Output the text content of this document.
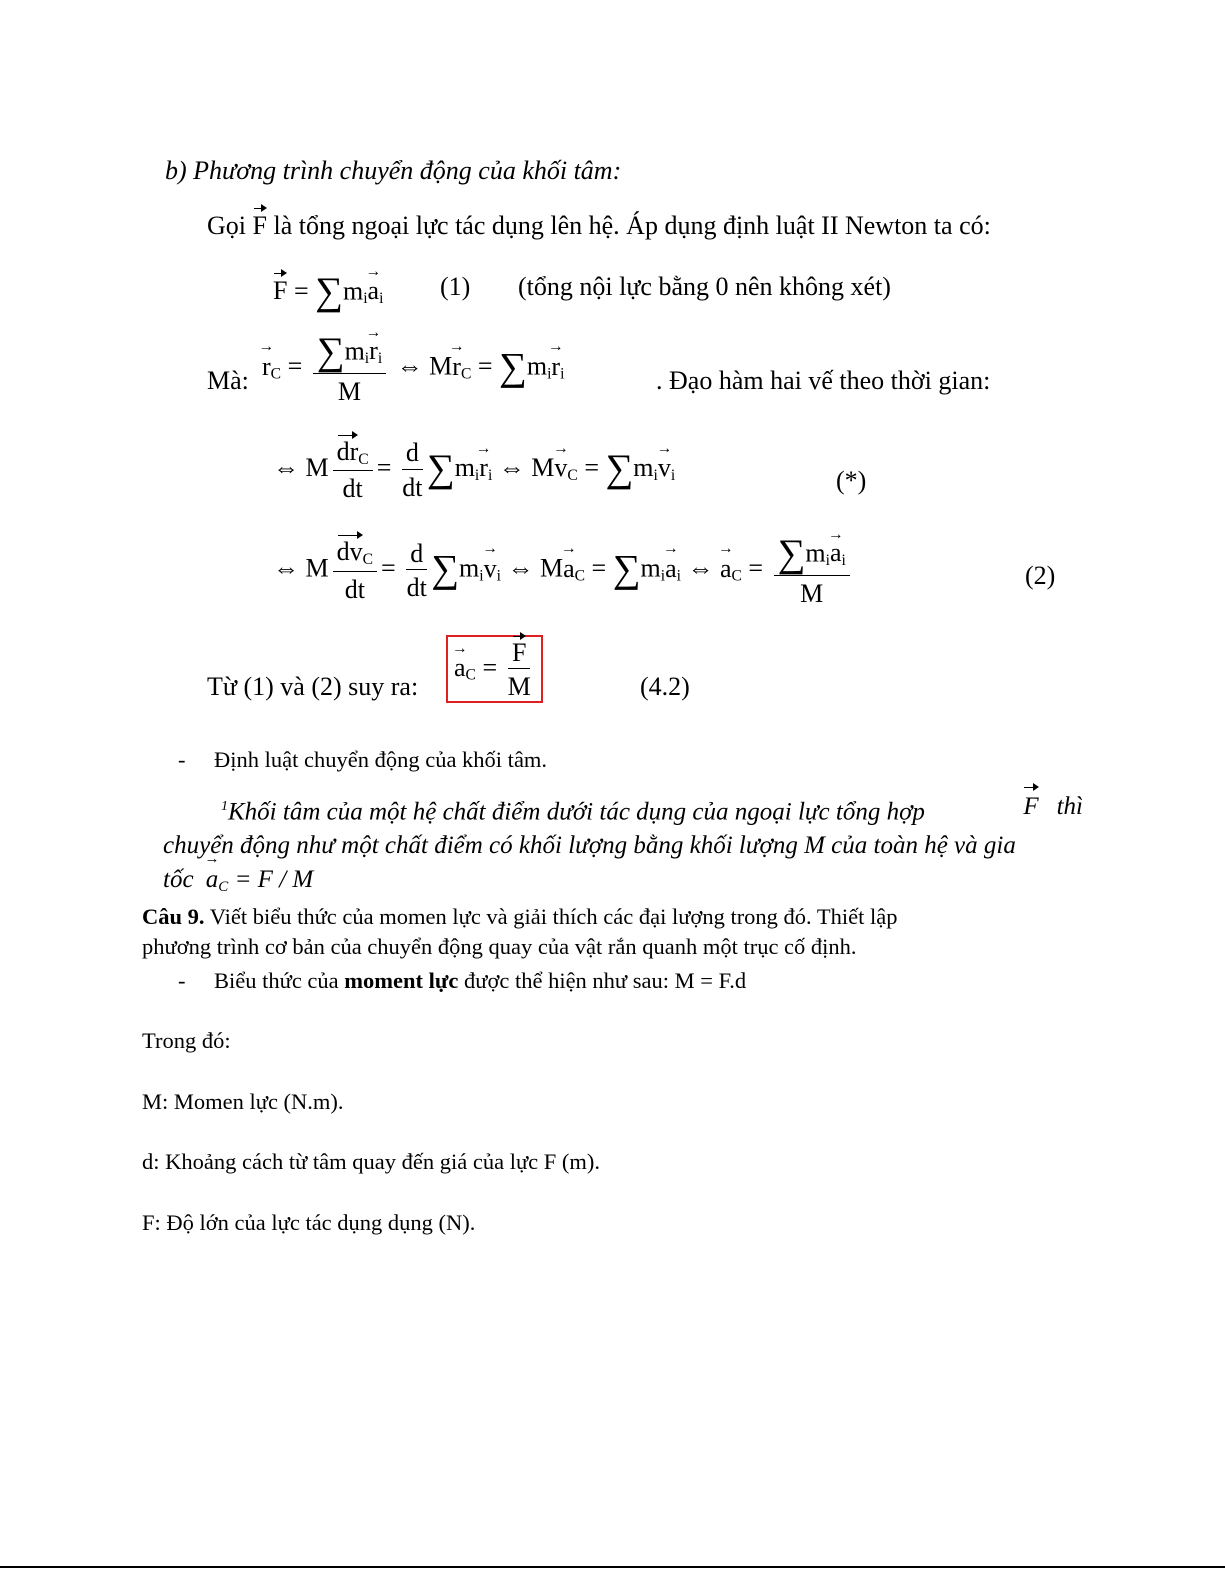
b) Phương trình chuyển động của khối tâm:
Gọi F là tổng ngoại lực tác dụng lên hệ. Áp dụng định luật II Newton ta có:
$F = \sum m_i\to a_i$ (1) (tổng nội lực bằng 0 nên không xét)
Mà: → $r_C = \frac{\sum m_i\to r_i}{M}$ ⇔ $M\to r_C = \sum m_i\to r_i$	. Đạo hàm hai vế theo thời gian:
⇔ M $\frac{dr_C}{dt} = \frac{d}{dt} \sum m_i\to r_i$ ⇔ $M\to v_C = \sum m_i\to v_i$	(*)
⇔ M $\frac{dv_C}{dt} = \frac{d}{dt} \sum m_i\to v_i$ ⇔ $M\to a_C = \sum m_i\to a_i$ ⇔ → $a_C = \frac{\sum m_i\to a_i}{M}$	(2)
Từ (1) và (2) suy ra:
→ $a_C = \frac{F}{M}$	(4.2)
- Định luật chuyển động của khối tâm.
$^1$Khối tâm của một hệ chất điểm dưới tác dụng của ngoại lực tổng hợp	F thì
chuyển động như một chất điểm có khối lượng bằng khối lượng M của toàn hệ và gia
tốc → $a_C = F / M$
Câu 9. Viết biểu thức của momen lực và giải thích các đại lượng trong đó. Thiết lập
phương trình cơ bản của chuyển động quay của vật rắn quanh một trục cố định.
- Biểu thức của moment lực được thể hiện như sau: M = F.d
Trong đó:
M: Momen lực (N.m).
d: Khoảng cách từ tâm quay đến giá của lực F (m).
F: Độ lớn của lực tác dụng dụng (N).
